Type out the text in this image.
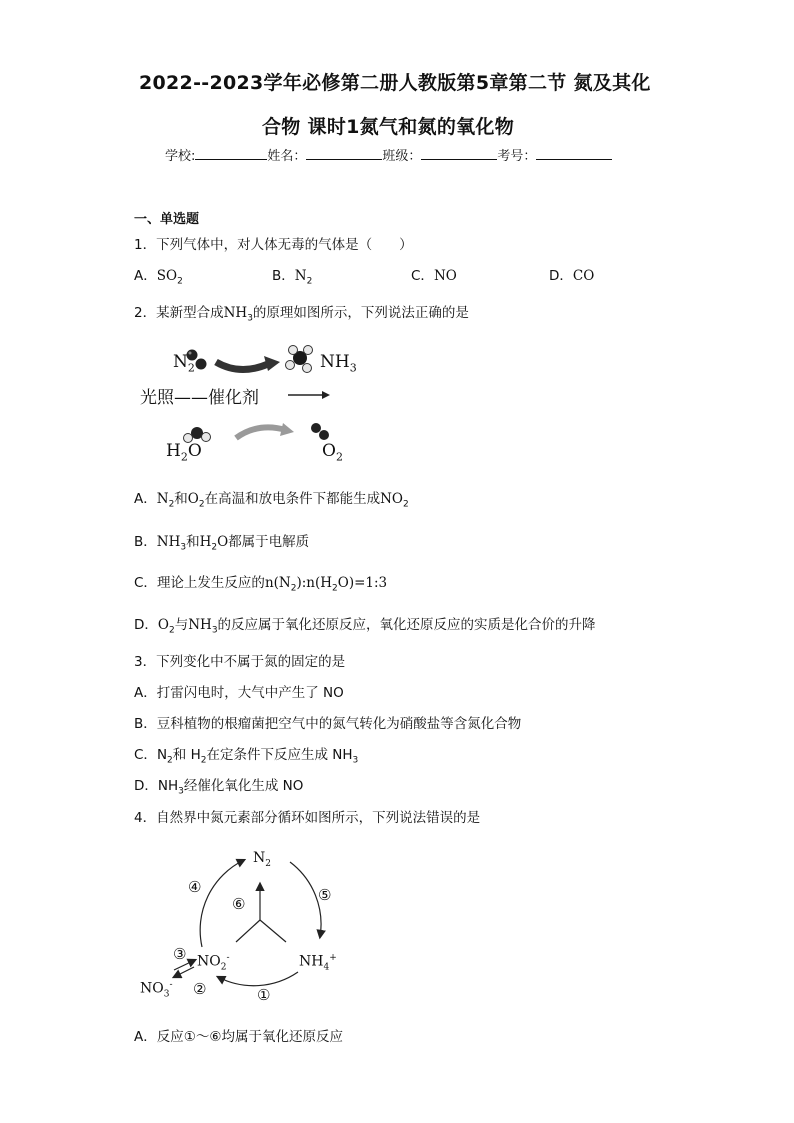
2022--2023学年必修第二册人教版第5章第二节 氮及其化
合物 课时1氮气和氮的氧化物
学校:	姓名：	班级：	考号：
一、单选题
1．下列气体中，对人体无毒的气体是（　　）
A．$SO_2$	B．$N_2$	C．NO	D．CO
2．某新型合成$NH_3$的原理如图所示，下列说法正确的是
$N_2$	$NH_3$
光照——催化剂
$H_2O$	$O_2$
A．$N_2$和$O_2$在高温和放电条件下都能生成$NO_2$
B．$NH_3$和$H_2O$都属于电解质
C．理论上发生反应的$n(N_2):n(H_2O)=1:3$
D．$O_2$与$NH_3$的反应属于氧化还原反应，氧化还原反应的实质是化合价的升降
3．下列变化中不属于氮的固定的是
A．打雷闪电时，大气中产生了 NO
B．豆科植物的根瘤菌把空气中的氮气转化为硝酸盐等含氮化合物
C．$N_2$和 $H_2$在定条件下反应生成 $NH_3$
D．$NH_3$经催化氧化生成 NO
4．自然界中氮元素部分循环如图所示，下列说法错误的是
$N_2$
$NH_4^+$
$NO_2^-$
$NO_3^-$
④	⑤
⑥
③
②	①
A．反应①～⑥均属于氧化还原反应
